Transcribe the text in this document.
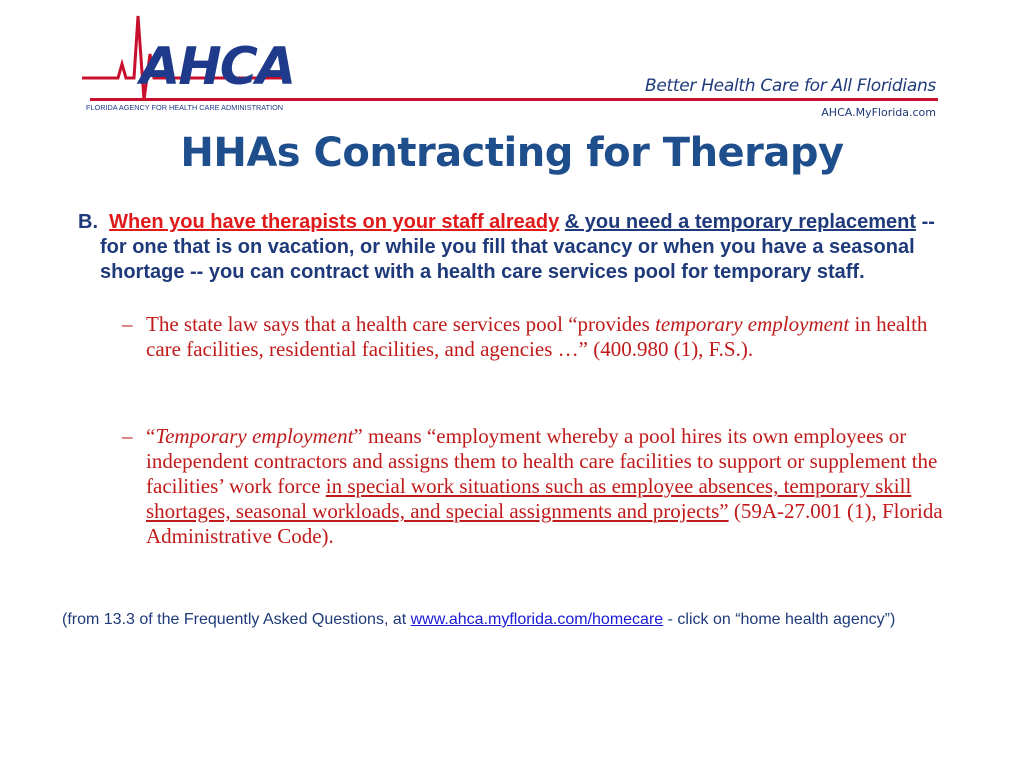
AHCA
FLORIDA AGENCY FOR HEALTH CARE ADMINISTRATION
Better Health Care for All Floridians
AHCA.MyFlorida.com
HHAs Contracting for Therapy
B. When you have therapists on your staff already & you need a temporary replacement -- for one that is on vacation, or while you fill that vacancy or when you have a seasonal shortage -- you can contract with a health care services pool for temporary staff.
– The state law says that a health care services pool “provides temporary employment in health care facilities, residential facilities, and agencies …” (400.980 (1), F.S.).
– “Temporary employment” means “employment whereby a pool hires its own employees or independent contractors and assigns them to health care facilities to support or supplement the facilities’ work force in special work situations such as employee absences, temporary skill shortages, seasonal workloads, and special assignments and projects” (59A-27.001 (1), Florida Administrative Code).
(from 13.3 of the Frequently Asked Questions, at www.ahca.myflorida.com/homecare - click on “home health agency”)
